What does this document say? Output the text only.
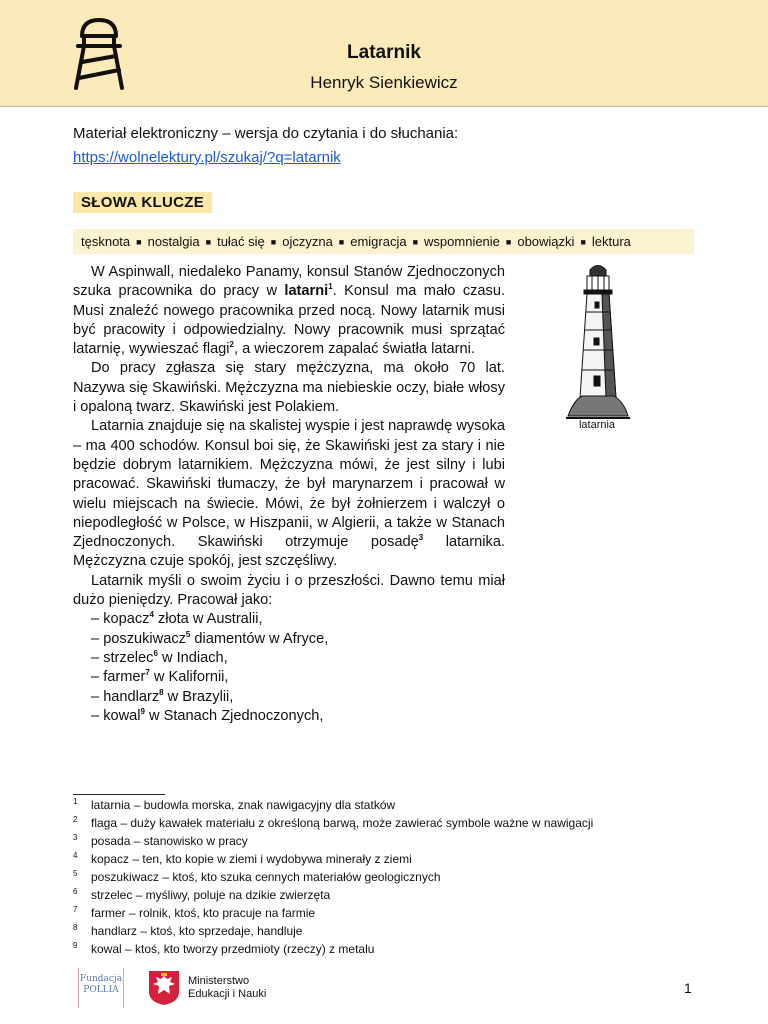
Latarnik
Henryk Sienkiewicz
Materiał elektroniczny – wersja do czytania i do słuchania:
https://wolnelektury.pl/szukaj/?q=latarnik
SŁOWA KLUCZE
tęsknota ■ nostalgia ■ tułać się ■ ojczyzna ■ emigracja ■ wspomnienie ■ obowiązki ■ lektura

W Aspinwall, niedaleko Panamy, konsul Stanów Zjednoczonych szuka pracownika do pracy w latarni$^1$. Konsul ma mało czasu. Musi znaleźć nowego pracownika przed nocą. Nowy latarnik musi być pracowity i odpowiedzialny. Nowy pracownik musi sprzątać latarnię, wywieszać flagi$^2$, a wieczorem zapalać światła latarni.

Do pracy zgłasza się stary mężczyzna, ma około 70 lat. Nazywa się Skawiński. Mężczyzna ma niebieskie oczy, białe włosy i opaloną twarz. Skawiński jest Polakiem.

Latarnia znajduje się na skalistej wyspie i jest naprawdę wysoka – ma 400 schodów. Konsul boi się, że Skawiński jest za stary i nie będzie dobrym latarnikiem. Mężczyzna mówi, że jest silny i lubi pracować. Skawiński tłumaczy, że był marynarzem i pracował w wielu miejscach na świecie. Mówi, że był żołnierzem i walczył o niepodległość w Polsce, w Hiszpanii, w Algierii, a także w Stanach Zjednoczonych. Skawiński otrzymuje posadę$^3$ latarnika. Mężczyzna czuje spokój, jest szczęśliwy.

Latarnik myśli o swoim życiu i o przeszłości. Dawno temu miał dużo pieniędzy. Pracował jako:

– kopacz$^4$ złota w Australii,
– poszukiwacz$^5$ diamentów w Afryce,
– strzelec$^6$ w Indiach,
– farmer$^7$ w Kalifornii,
– handlarz$^8$ w Brazylii,
– kowal$^9$ w Stanach Zjednoczonych,
latarnia
1	latarnia – budowla morska, znak nawigacyjny dla statków
2	flaga – duży kawałek materiału z określoną barwą, może zawierać symbole ważne w nawigacji
3	posada – stanowisko w pracy
4	kopacz – ten, kto kopie w ziemi i wydobywa minerały z ziemi
5	poszukiwacz – ktoś, kto szuka cennych materiałów geologicznych
6	strzelec – myśliwy, poluje na dzikie zwierzęta
7	farmer – rolnik, ktoś, kto pracuje na farmie
8	handlarz – ktoś, kto sprzedaje, handluje
9	kowal – ktoś, kto tworzy przedmioty (rzeczy) z metalu
Fundacja
POLLIA
Ministerstwo
Edukacji i Nauki	1
